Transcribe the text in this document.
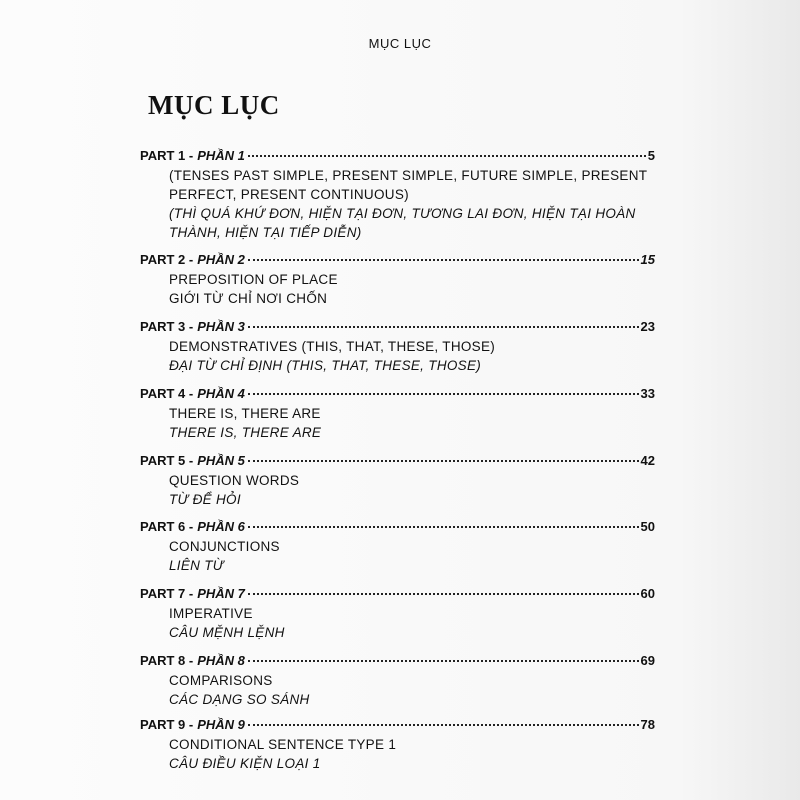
MỤC LỤC
MỤC LỤC
PART 1 - PHẦN 1	5
(TENSES PAST SIMPLE, PRESENT SIMPLE, FUTURE SIMPLE, PRESENT PERFECT, PRESENT CONTINUOUS)
(THÌ QUÁ KHỨ ĐƠN, HIỆN TẠI ĐƠN, TƯƠNG LAI ĐƠN, HIỆN TẠI HOÀN THÀNH, HIỆN TẠI TIẾP DIỄN)
PART 2 - PHẦN 2	15
PREPOSITION OF PLACE
GIỚI TỪ CHỈ NƠI CHỐN
PART 3 - PHẦN 3	23
DEMONSTRATIVES (THIS, THAT, THESE, THOSE)
ĐẠI TỪ CHỈ ĐỊNH (THIS, THAT, THESE, THOSE)
PART 4 - PHẦN 4	33
THERE IS, THERE ARE
THERE IS, THERE ARE
PART 5 - PHẦN 5	42
QUESTION WORDS
TỪ ĐỂ HỎI
PART 6 - PHẦN 6	50
CONJUNCTIONS
LIÊN TỪ
PART 7 - PHẦN 7	60
IMPERATIVE
CÂU MỆNH LỆNH
PART 8 - PHẦN 8	69
COMPARISONS
CÁC DẠNG SO SÁNH
PART 9 - PHẦN 9	78
CONDITIONAL SENTENCE TYPE 1
CÂU ĐIỀU KIỆN LOẠI 1
